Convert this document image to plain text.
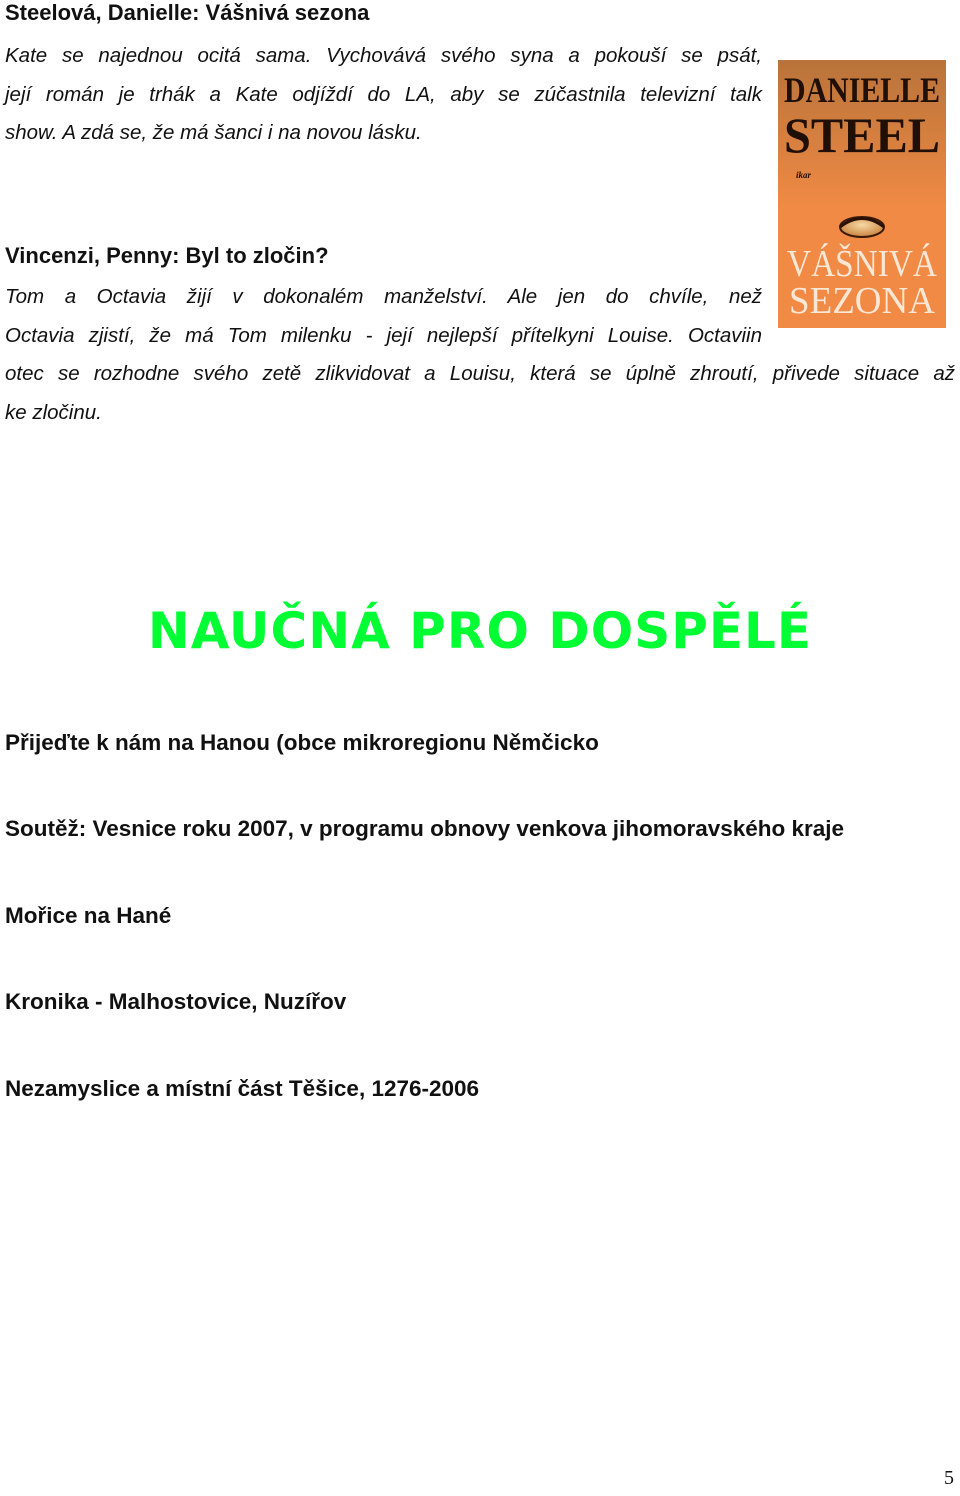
Steelová, Danielle: Vášnivá sezona

Kate se najednou ocitá sama. Vychovává svého syna a pokouší se psát,
její román je trhák a Kate odjíždí do LA, aby se zúčastnila televizní talk
show. A zdá se, že má šanci i na novou lásku.

DANIELLE
STEEL
ikar
VÁŠNIVÁ
SEZONA
Vincenzi, Penny: Byl to zločin?

Tom a Octavia žijí v dokonalém manželství. Ale jen do chvíle, než
Octavia zjistí, že má Tom milenku - její nejlepší přítelkyni Louise. Octaviin
otec se rozhodne svého zetě zlikvidovat a Louisu, která se úplně zhroutí, přivede situace až
ke zločinu.

NAUČNÁ PRO DOSPĚLÉ
Přijeďte k nám na Hanou (obce mikroregionu Němčicko
Soutěž: Vesnice roku 2007, v programu obnovy venkova jihomoravského kraje
Mořice na Hané
Kronika - Malhostovice, Nuzířov
Nezamyslice a místní část Těšice, 1276-2006
5
